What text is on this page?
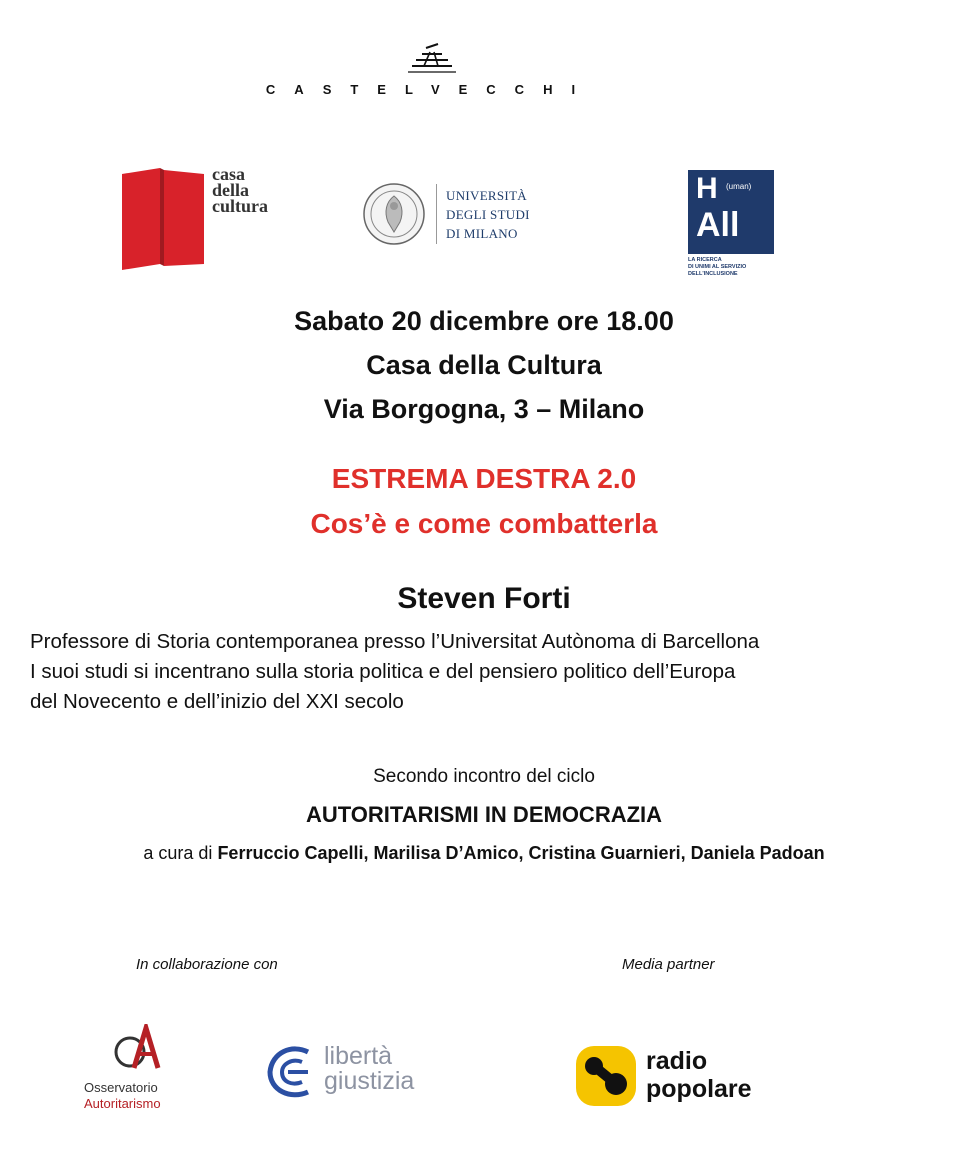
CASTELVECCHI
casa
della
cultura
UNIVERSITÀ
DEGLI STUDI
DI MILANO
H (uman)
All
LA RICERCA
DI UNIMI AL SERVIZIO
DELL'INCLUSIONE
Sabato 20 dicembre ore 18.00
Casa della Cultura
Via Borgogna, 3 – Milano
ESTREMA DESTRA 2.0
Cos’è e come combatterla
Steven Forti
Professore di Storia contemporanea presso l’Universitat Autònoma di Barcellona
I suoi studi si incentrano sulla storia politica e del pensiero politico dell’Europa
del Novecento e dell’inizio del XXI secolo
Secondo incontro del ciclo
AUTORITARISMI IN DEMOCRAZIA
a cura di Ferruccio Capelli, Marilisa D’Amico, Cristina Guarnieri, Daniela Padoan
In collaborazione con	Media partner
Osservatorio
Autoritarismo
libertà
giustizia
radio
popolare
